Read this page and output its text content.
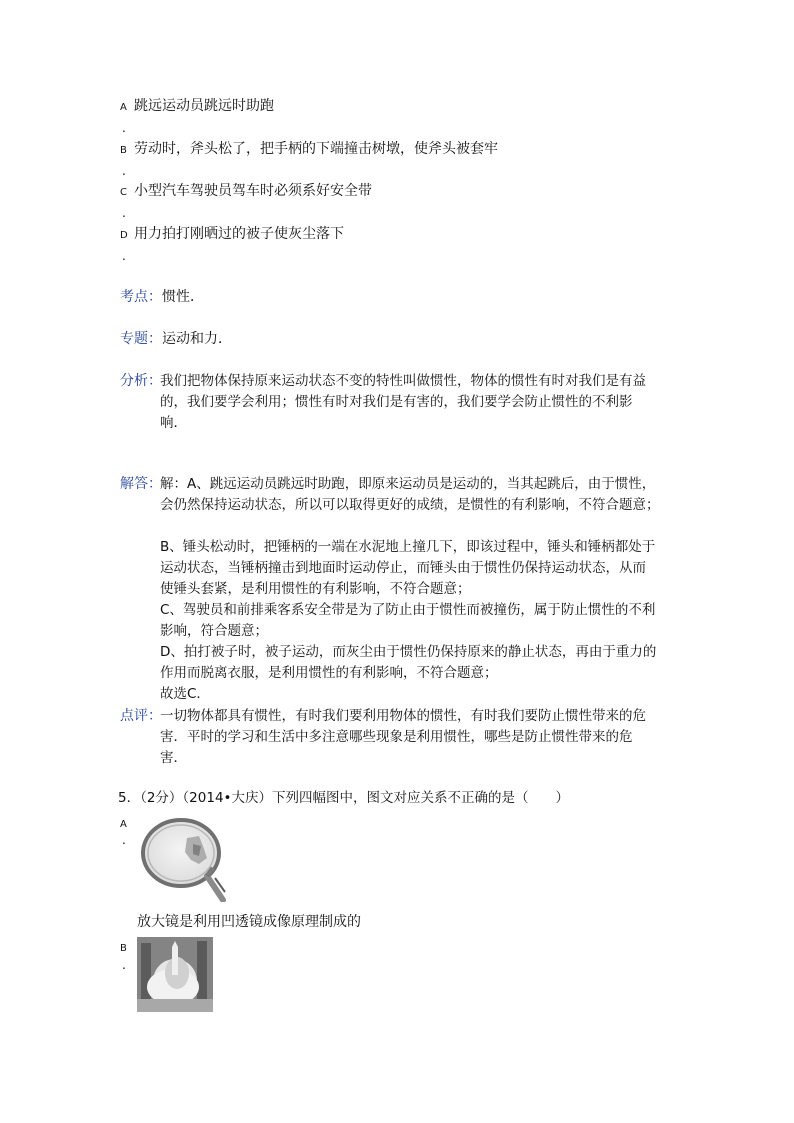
A 跳远运动员跳远时助跑
.
B 劳动时，斧头松了，把手柄的下端撞击树墩，使斧头被套牢
.
C 小型汽车驾驶员驾车时必须系好安全带
.
D 用力拍打刚晒过的被子使灰尘落下
.
考点：惯性．
专题：运动和力．
分析：
我们把物体保持原来运动状态不变的特性叫做惯性，物体的惯性有时对我们是有益
的，我们要学会利用；惯性有时对我们是有害的，我们要学会防止惯性的不利影
响．
解答：
解：A、跳远运动员跳远时助跑，即原来运动员是运动的，当其起跳后，由于惯性，
会仍然保持运动状态，所以可以取得更好的成绩，是惯性的有利影响，不符合题意；
B、锤头松动时，把锤柄的一端在水泥地上撞几下，即该过程中，锤头和锤柄都处于
运动状态，当锤柄撞击到地面时运动停止，而锤头由于惯性仍保持运动状态，从而
使锤头套紧，是利用惯性的有利影响，不符合题意；
C、驾驶员和前排乘客系安全带是为了防止由于惯性而被撞伤，属于防止惯性的不利
影响，符合题意；
D、拍打被子时，被子运动，而灰尘由于惯性仍保持原来的静止状态，再由于重力的
作用而脱离衣服，是利用惯性的有利影响，不符合题意；
故选C．
点评：
一切物体都具有惯性，有时我们要利用物体的惯性，有时我们要防止惯性带来的危
害．平时的学习和生活中多注意哪些现象是利用惯性，哪些是防止惯性带来的危
害．
5．（2分）（2014•大庆）下列四幅图中，图文对应关系不正确的是（　　）
A
.
放大镜是利用凹透镜成像原理制成的
B
.
